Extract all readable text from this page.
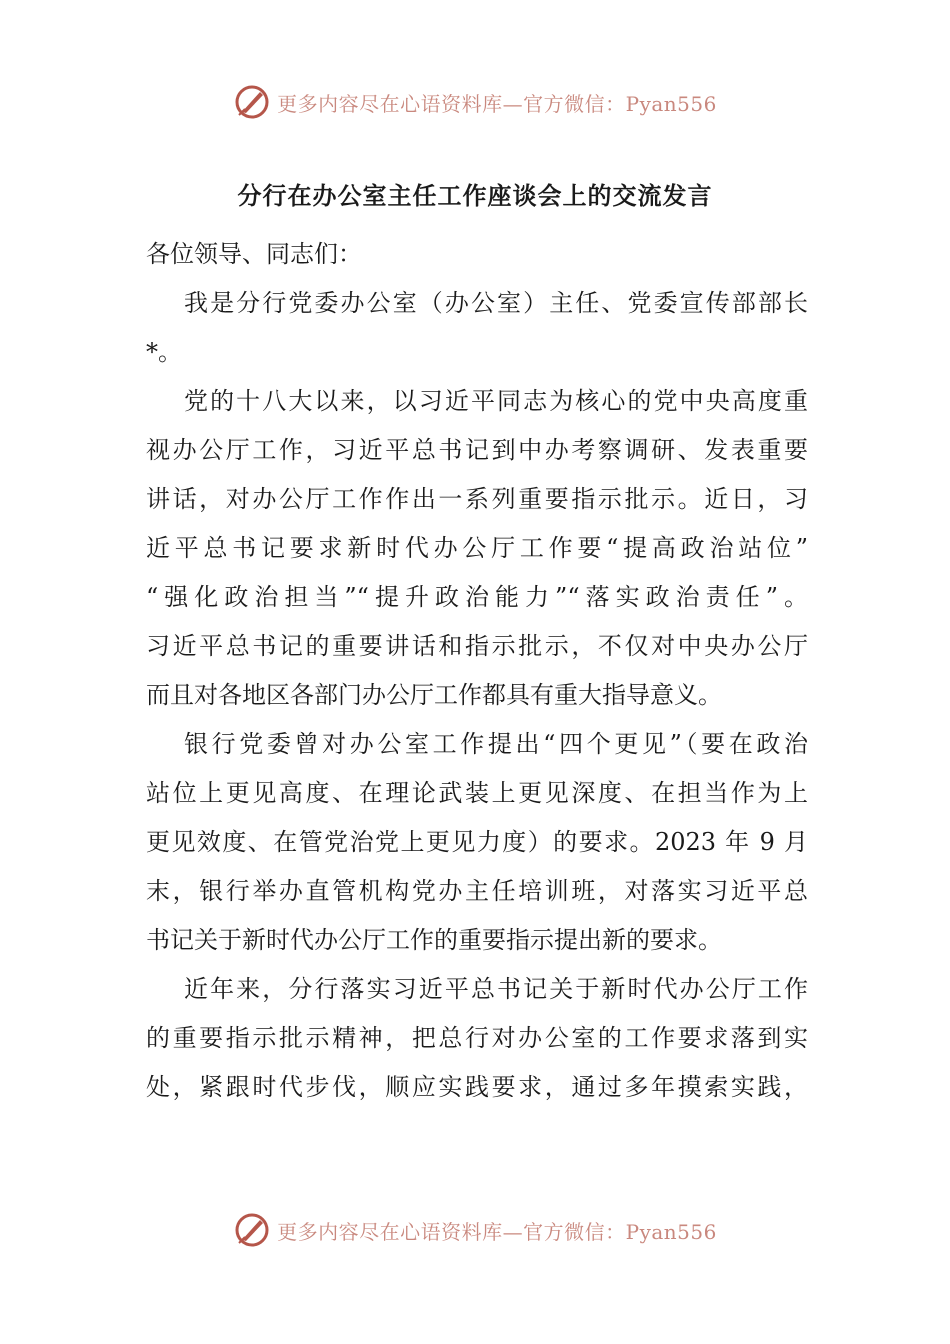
更多内容尽在心语资料库—官方微信：Pyan556
分行在办公室主任工作座谈会上的交流发言
各位领导、同志们：
我是分行党委办公室（办公室）主任、党委宣传部部长
*。
党的十八大以来，以习近平同志为核心的党中央高度重
视办公厅工作，习近平总书记到中办考察调研、发表重要
讲话，对办公厅工作作出一系列重要指示批示。近日，习
近平总书记要求新时代办公厅工作要“提高政治站位”
“强化政治担当”“提升政治能力”“落实政治责任”。
习近平总书记的重要讲话和指示批示，不仅对中央办公厅
而且对各地区各部门办公厅工作都具有重大指导意义。
银行党委曾对办公室工作提出“四个更见”（要在政治
站位上更见高度、在理论武装上更见深度、在担当作为上
更见效度、在管党治党上更见力度）的要求。2023 年 9 月
末，银行举办直管机构党办主任培训班，对落实习近平总
书记关于新时代办公厅工作的重要指示提出新的要求。
近年来，分行落实习近平总书记关于新时代办公厅工作
的重要指示批示精神，把总行对办公室的工作要求落到实
处，紧跟时代步伐，顺应实践要求，通过多年摸索实践，
更多内容尽在心语资料库—官方微信：Pyan556
